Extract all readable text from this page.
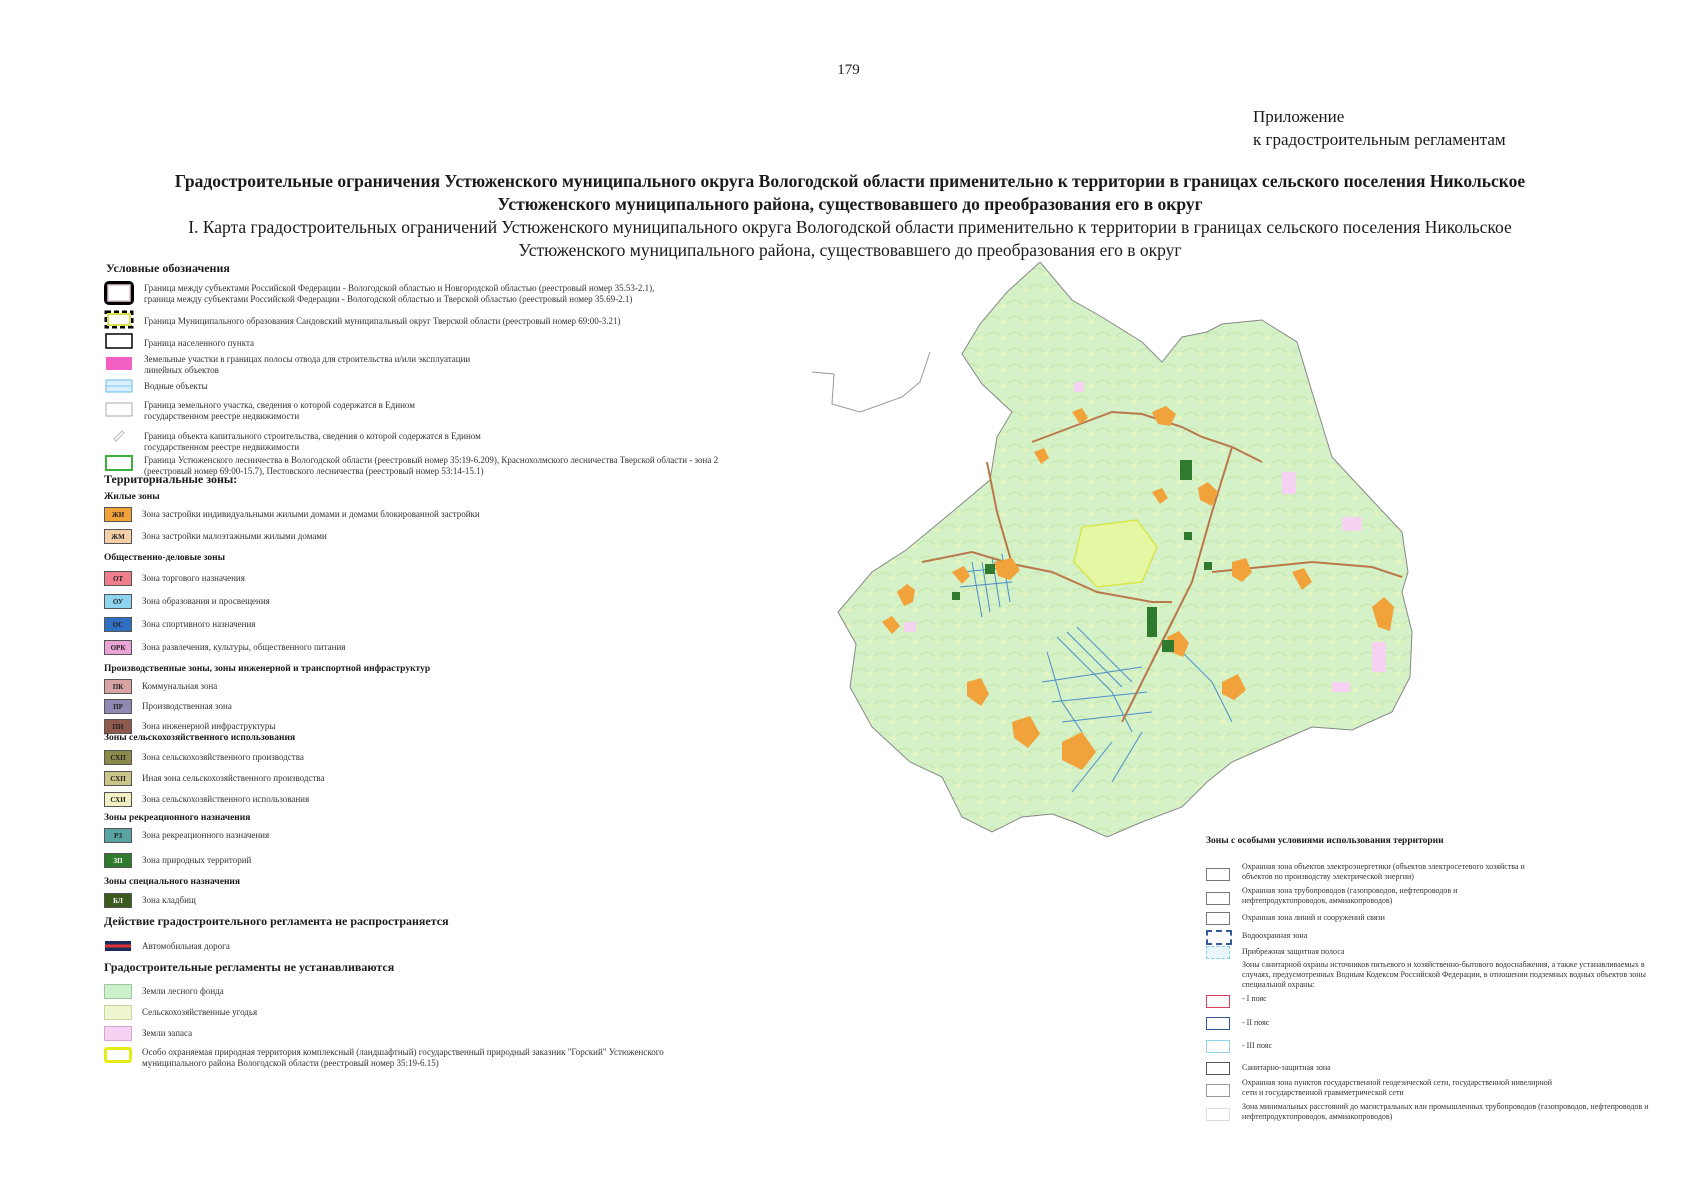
179
Приложение
к градостроительным регламентам
Градостроительные ограничения Устюженского муниципального округа Вологодской области применительно к территории в границах сельского поселения Никольское
Устюженского муниципального района, существовавшего до преобразования его в округ
I. Карта градостроительных ограничений Устюженского муниципального округа Вологодской области применительно к территории в границах сельского поселения Никольское
Устюженского муниципального района, существовавшего до преобразования его в округ
Условные обозначения
Граница между субъектами Российской Федерации - Вологодской областью и Новгородской областью (реестровый номер 35.53-2.1),
граница между субъектами Российской Федерации - Вологодской областью и Тверской областью (реестровый номер 35.69-2.1)
Граница Муниципального образования Сандовский муниципальный округ Тверской области (реестровый номер 69:00-3.21)
Граница населенного пункта
Земельные участки в границах полосы отвода для строительства и/или эксплуатации линейных объектов
Водные объекты
Граница земельного участка, сведения о которой содержатся в Едином государственном реестре недвижимости
Граница объекта капитального строительства, сведения о которой содержатся в Едином государственном реестре недвижимости
Граница Устюженского лесничества в Вологодской области (реестровый номер 35:19-6.209), Краснохолмского лесничества Тверской области - зона 2 (реестровый номер 69:00-15.7), Пестовского лесничества (реестровый номер 53:14-15.1)
Территориальные зоны:
Жилые зоны
ЖИ	Зона застройки индивидуальными жилыми домами и домами блокированной застройки
ЖМ	Зона застройки малоэтажными жилыми домами
Общественно-деловые зоны
ОТ	Зона торгового назначения
ОУ	Зона образования и просвещения
ОС	Зона спортивного назначения
ОРК	Зона развлечения, культуры, общественного питания
Производственные зоны, зоны инженерной и транспортной инфраструктур
ПК	Коммунальная зона
ПР	Производственная зона
ПИ	Зона инженерной инфраструктуры
Зоны сельскохозяйственного использования
СХП	Зона сельскохозяйственного производства
СХП	Иная зона сельскохозяйственного производства
СХИ	Зона сельскохозяйственного использования
Зоны рекреационного назначения
РЗ	Зона рекреационного назначения
ЗП	Зона природных территорий
Зоны специального назначения
БЛ	Зона кладбищ
Действие градостроительного регламента не распространяется
Автомобильная дорога
Градостроительные регламенты не устанавливаются
Земли лесного фонда
Сельскохозяйственные угодья
Земли запаса
Особо охраняемая природная территория комплексный (ландшафтный) государственный природный заказник "Горский" Устюженского муниципального района Вологодской области (реестровый номер 35:19-6.15)
Зоны с особыми условиями использования территории
Охранная зона объектов электроэнергетики (объектов электросетевого хозяйства и объектов по производству электрической энергии)
Охранная зона трубопроводов (газопроводов, нефтепроводов и нефтепродуктопроводов, аммиакопроводов)
Охранная зона линий и сооружений связи
Водоохранная зона
Прибрежная защитная полоса
Зоны санитарной охраны источников питьевого и хозяйственно-бытового водоснабжения, а также устанавливаемых в случаях, предусмотренных Водным Кодексом Российской Федерации, в отношении подземных водных объектов зоны специальной охраны:
- I пояс
- II пояс
- III пояс
Санитарно-защитная зона
Охранная зона пунктов государственной геодезической сети, государственной нивелирной сети и государственной гравиметрической сети
Зона минимальных расстояний до магистральных или промышленных трубопроводов (газопроводов, нефтепроводов и нефтепродуктопроводов, аммиакопроводов)
